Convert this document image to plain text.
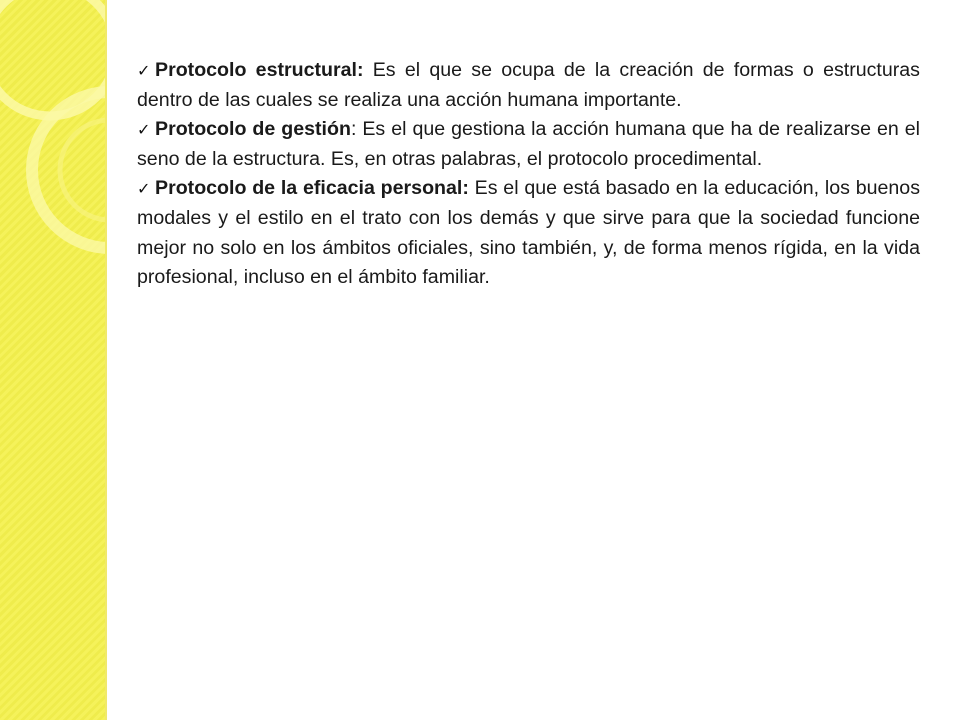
✓ Protocolo estructural: Es el que se ocupa de la creación de formas o estructuras dentro de las cuales se realiza una acción humana importante.

✓ Protocolo de gestión: Es el que gestiona la acción humana que ha de realizarse en el seno de la estructura. Es, en otras palabras, el protocolo procedimental.

✓ Protocolo de la eficacia personal: Es el que está basado en la educación, los buenos modales y el estilo en el trato con los demás y que sirve para que la sociedad funcione mejor no solo en los ámbitos oficiales, sino también, y, de forma menos rígida, en la vida profesional, incluso en el ámbito familiar.
